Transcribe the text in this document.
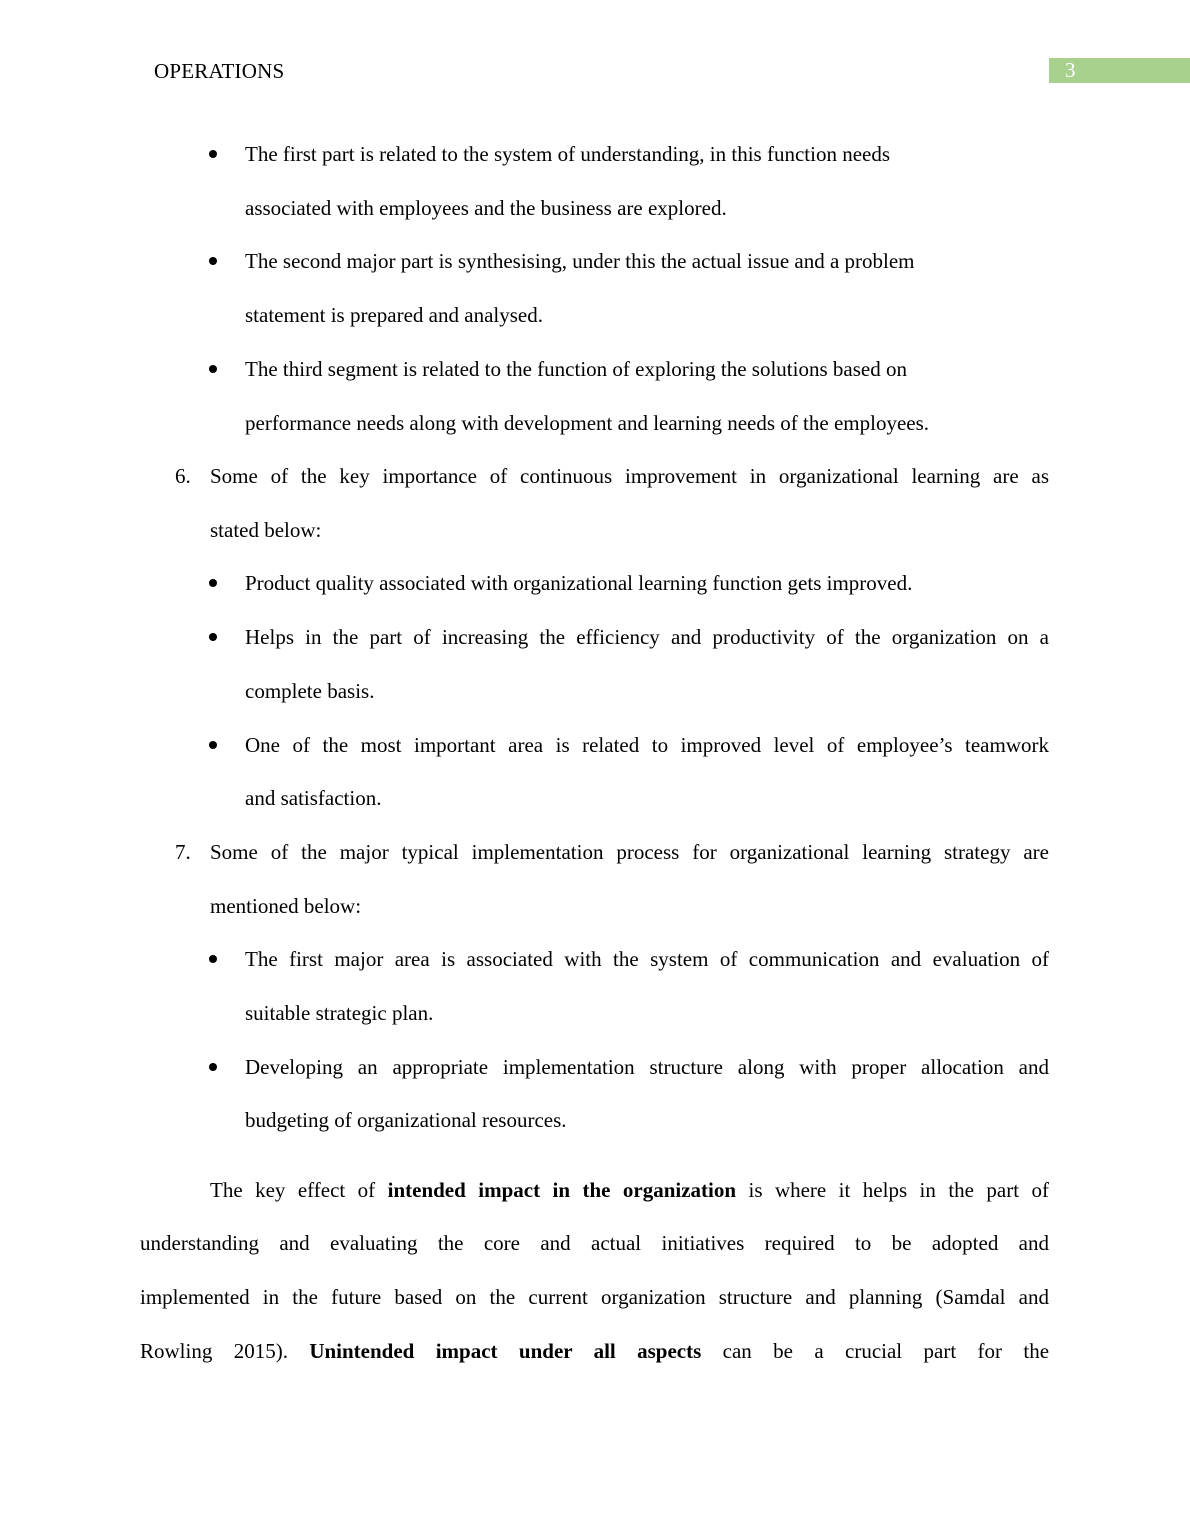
OPERATIONS	3
The first part is related to the system of understanding, in this function needs
associated with employees and the business are explored.
The second major part is synthesising, under this the actual issue and a problem
statement is prepared and analysed.
The third segment is related to the function of exploring the solutions based on
performance needs along with development and learning needs of the employees.
6. Some of the key importance of continuous improvement in organizational learning are as
stated below:
Product quality associated with organizational learning function gets improved.
Helps in the part of increasing the efficiency and productivity of the organization on a
complete basis.
One of the most important area is related to improved level of employee’s teamwork
and satisfaction.
7. Some of the major typical implementation process for organizational learning strategy are
mentioned below:
The first major area is associated with the system of communication and evaluation of
suitable strategic plan.
Developing an appropriate implementation structure along with proper allocation and
budgeting of organizational resources.
The key effect of intended impact in the organization is where it helps in the part of
understanding and evaluating the core and actual initiatives required to be adopted and
implemented in the future based on the current organization structure and planning (Samdal and
Rowling 2015). Unintended impact under all aspects can be a crucial part for the
